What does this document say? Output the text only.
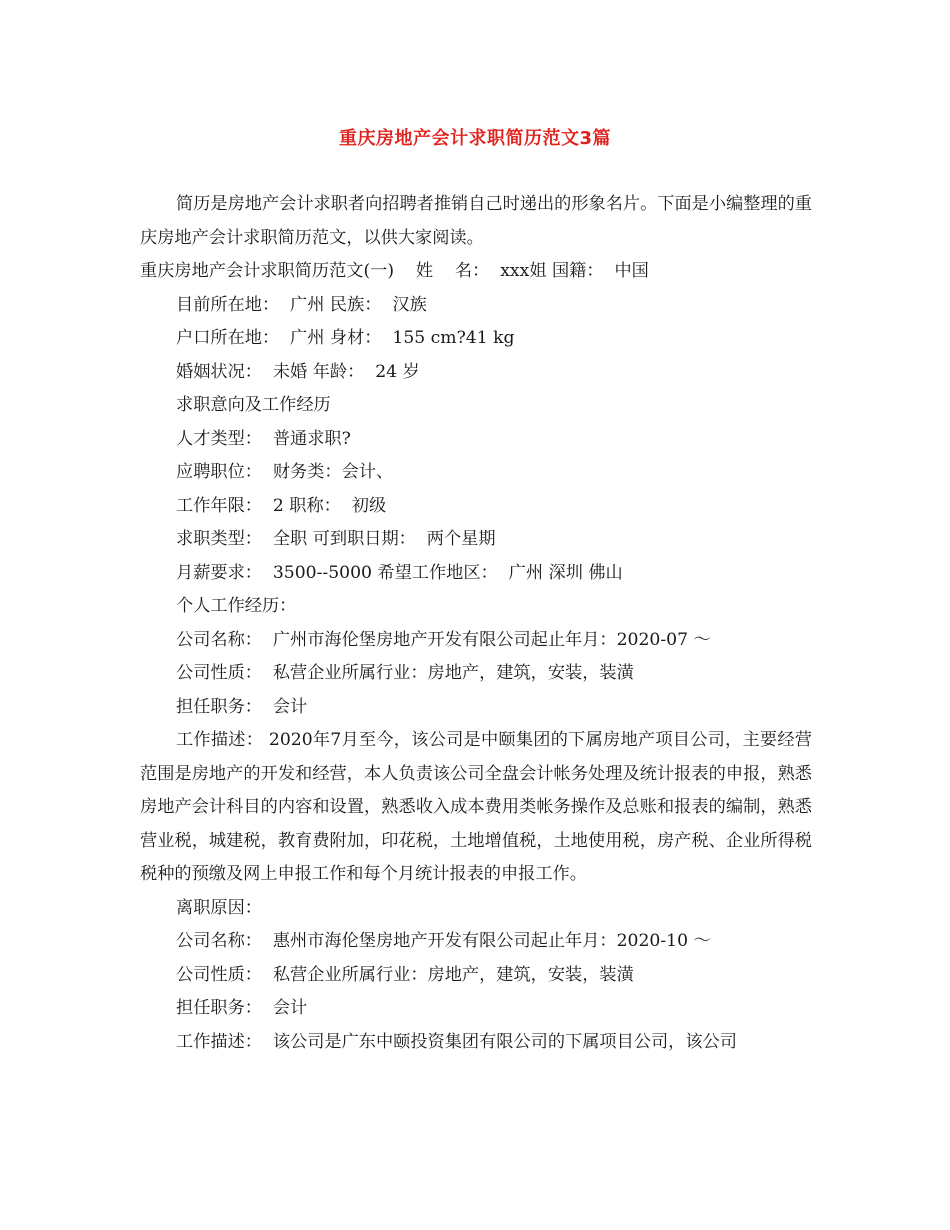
重庆房地产会计求职简历范文3篇

简历是房地产会计求职者向招聘者推销自己时递出的形象名片。下面是小编整理的重庆房地产会计求职简历范文，以供大家阅读。

重庆房地产会计求职简历范文(一)    姓    名：  xxx姐 国籍：  中国

目前所在地：  广州 民族：  汉族

户口所在地：  广州 身材：  155 cm?41 kg

婚姻状况：  未婚 年龄：  24 岁

求职意向及工作经历

人才类型：  普通求职?

应聘职位：  财务类：会计、

工作年限：  2 职称：  初级

求职类型：  全职 可到职日期：  两个星期

月薪要求：  3500--5000 希望工作地区：  广州 深圳 佛山

个人工作经历：

公司名称：  广州市海伦堡房地产开发有限公司起止年月：2020-07 ～

公司性质：  私营企业所属行业：房地产，建筑，安装，装潢

担任职务：  会计

工作描述： 2020年7月至今，该公司是中颐集团的下属房地产项目公司，主要经营范围是房地产的开发和经营，本人负责该公司全盘会计帐务处理及统计报表的申报，熟悉房地产会计科目的内容和设置，熟悉收入成本费用类帐务操作及总账和报表的编制，熟悉营业税，城建税，教育费附加，印花税，土地增值税，土地使用税，房产税、企业所得税税种的预缴及网上申报工作和每个月统计报表的申报工作。

离职原因：

公司名称：  惠州市海伦堡房地产开发有限公司起止年月：2020-10 ～

公司性质：  私营企业所属行业：房地产，建筑，安装，装潢

担任职务：  会计

工作描述：  该公司是广东中颐投资集团有限公司的下属项目公司，该公司
